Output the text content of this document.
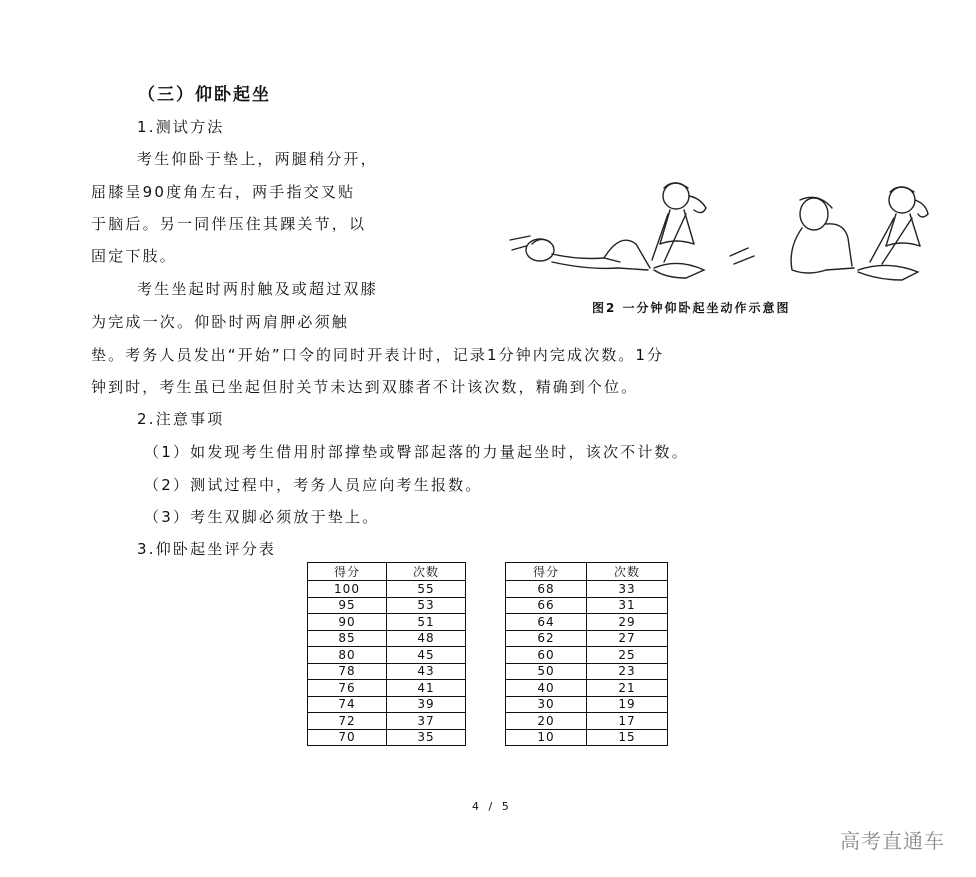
（三）仰卧起坐
1.测试方法
考生仰卧于垫上，两腿稍分开，
屈膝呈90度角左右，两手指交叉贴
于脑后。另一同伴压住其踝关节，以
固定下肢。
考生坐起时两肘触及或超过双膝
为完成一次。仰卧时两肩胛必须触
垫。考务人员发出“开始”口令的同时开表计时，记录1分钟内完成次数。1分
钟到时，考生虽已坐起但肘关节未达到双膝者不计该次数，精确到个位。
图2 一分钟仰卧起坐动作示意图
2.注意事项
（1）如发现考生借用肘部撑垫或臀部起落的力量起坐时，该次不计数。
（2）测试过程中，考务人员应向考生报数。
（3）考生双脚必须放于垫上。
3.仰卧起坐评分表
得分	次数
100	55
95	53
90	51
85	48
80	45
78	43
76	41
74	39
72	37
70	35
得分	次数
68	33
66	31
64	29
62	27
60	25
50	23
40	21
30	19
20	17
10	15
4 / 5
高考直通车
